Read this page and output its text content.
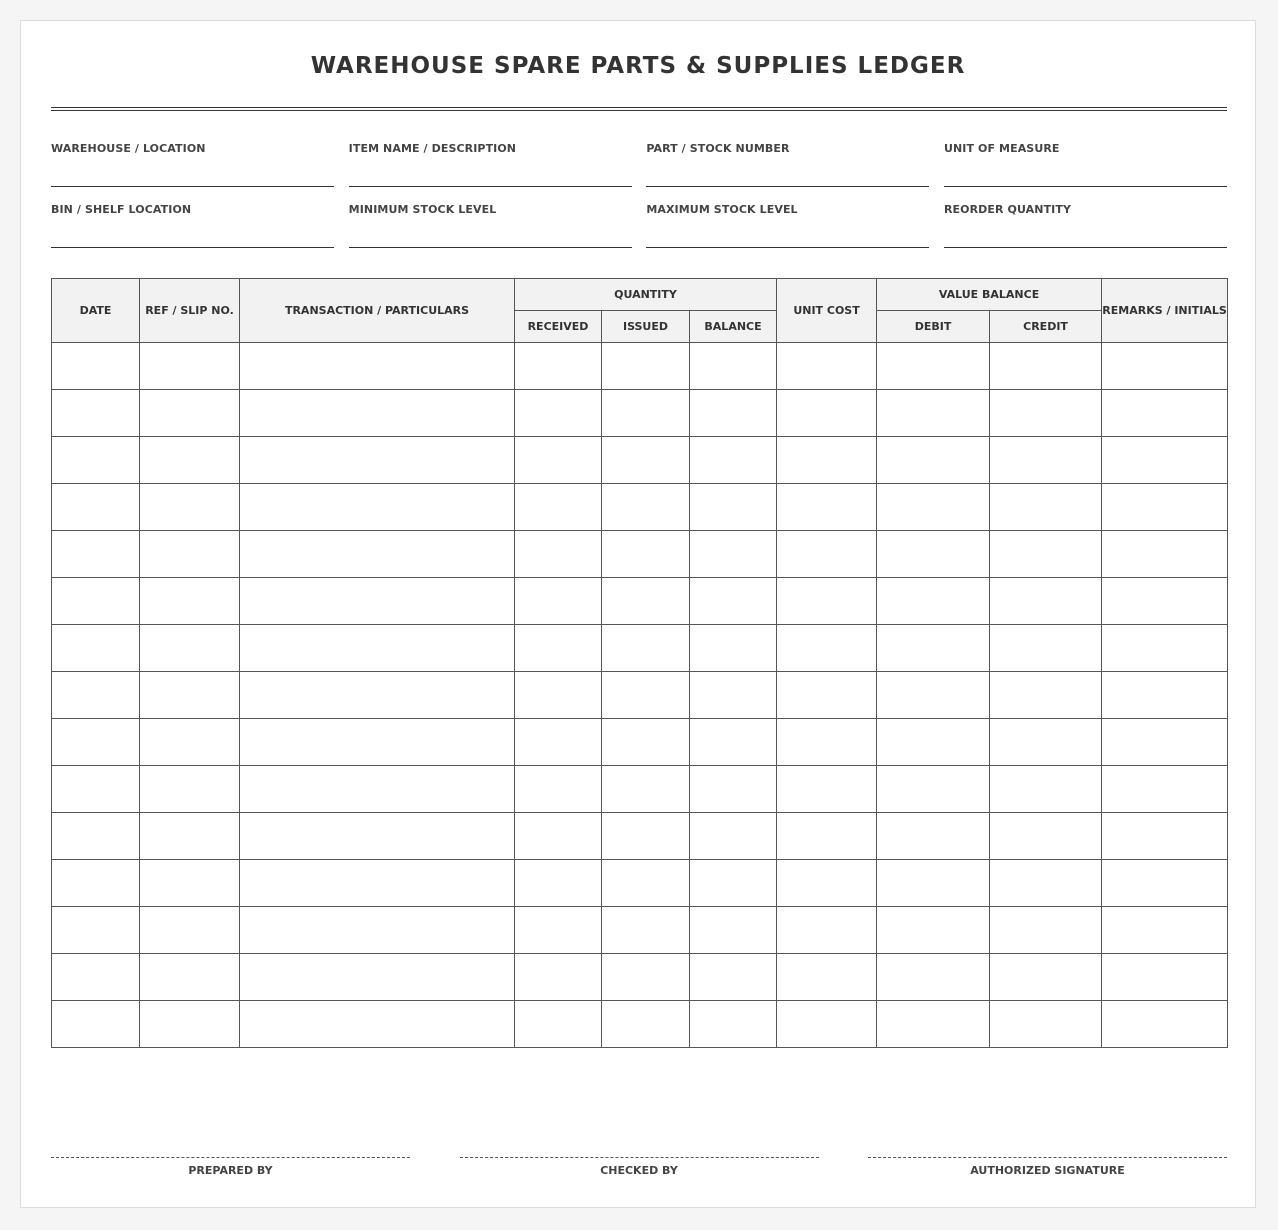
WAREHOUSE SPARE PARTS & SUPPLIES LEDGER
WAREHOUSE / LOCATION	ITEM NAME / DESCRIPTION	PART / STOCK NUMBER	UNIT OF MEASURE
BIN / SHELF LOCATION	MINIMUM STOCK LEVEL	MAXIMUM STOCK LEVEL	REORDER QUANTITY
DATE	REF / SLIP NO.	TRANSACTION / PARTICULARS	QUANTITY			UNIT COST	VALUE BALANCE		REMARKS / INITIALS
			RECEIVED	ISSUED	BALANCE		DEBIT	CREDIT	

PREPARED BY	CHECKED BY	AUTHORIZED SIGNATURE
